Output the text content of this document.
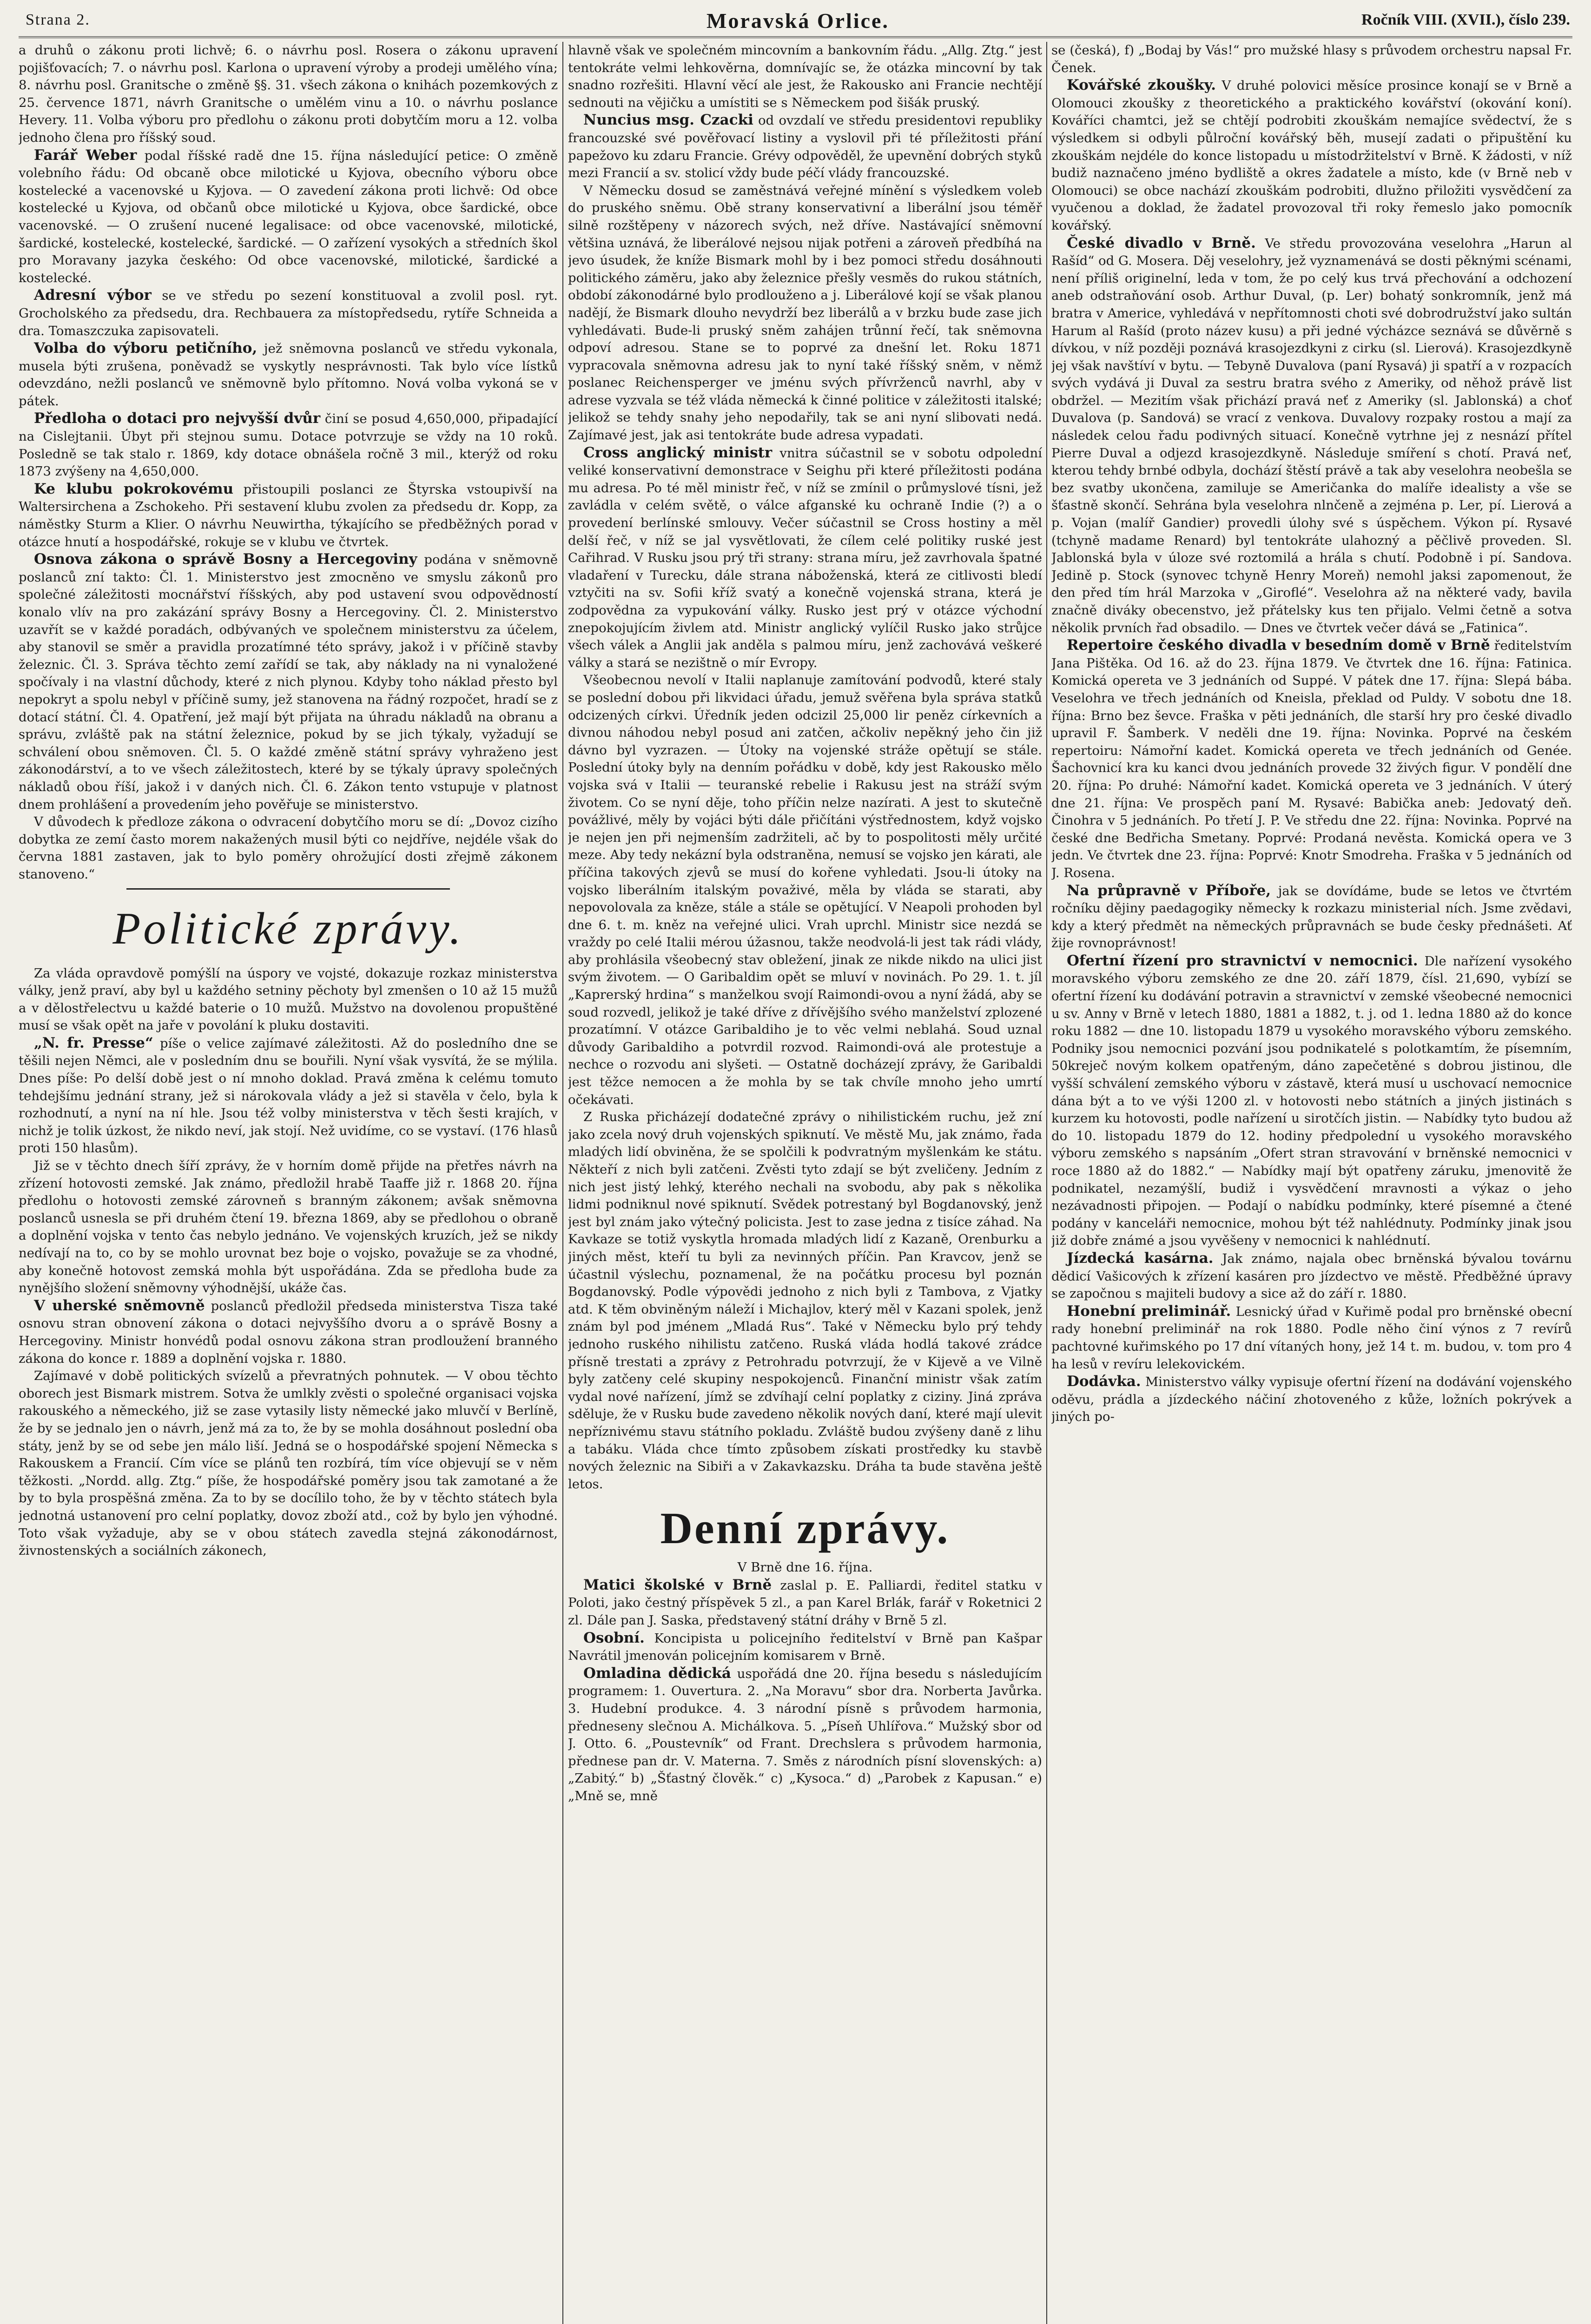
Strana 2.	Moravská Orlice.	Ročník VIII. (XVII.), číslo 239.

a druhů o zákonu proti lichvě; 6. o návrhu posl. Rosera o zákonu upravení pojišťovacích; 7. o návrhu posl. Karlona o upravení výroby a prodeji umělého vína; 8. návrhu posl. Granitsche o změně §§. 31. všech zákona o knihách pozemkových z 25. července 1871, návrh Granitsche o umělém vinu a 10. o návrhu poslance Hevery. 11. Volba výboru pro předlohu o zákonu proti dobytčím moru a 12. volba jednoho člena pro říšský soud.

Farář Weber podal říšské radě dne 15. října následující petice: O změně volebního řádu: Od obcaně obce milotické u Kyjova, obecního výboru obce kostelecké a vacenovské u Kyjova. — O zavedení zákona proti lichvě: Od obce kostelecké u Kyjova, od občanů obce milotické u Kyjova, obce šardické, obce vacenovské. — O zrušení nucené legalisace: od obce vacenovské, milotické, šardické, kostelecké, kostelecké, šardické. — O zařízení vysokých a středních škol pro Moravany jazyka českého: Od obce vacenovské, milotické, šardické a kostelecké.

Adresní výbor se ve středu po sezení konstituoval a zvolil posl. ryt. Grocholského za předsedu, dra. Rechbauera za místopředsedu, rytíře Schneida a dra. Tomaszczuka zapisovateli.

Volba do výboru petičního, jež sněmovna poslanců ve středu vykonala, musela býti zrušena, poněvadž se vyskytly nesprávnosti. Tak bylo více lístků odevzdáno, nežli poslanců ve sněmovně bylo přítomno. Nová volba vykoná se v pátek.

Předloha o dotaci pro nejvyšší dvůr činí se posud 4,650,000, připadající na Cislejtanii. Úbyt při stejnou sumu. Dotace potvrzuje se vždy na 10 roků. Posledně se tak stalo r. 1869, kdy dotace obnášela ročně 3 mil., kterýž od roku 1873 zvýšeny na 4,650,000.

Ke klubu pokrokovému přistoupili poslanci ze Štyrska vstoupivší na Waltersirchena a Zschokeho. Při sestavení klubu zvolen za předsedu dr. Kopp, za náměstky Sturm a Klier. O návrhu Neuwirtha, týkajícího se předběžných porad v otázce hnutí a hospodářské, rokuje se v klubu ve čtvrtek.

Osnova zákona o správě Bosny a Hercegoviny podána v sněmovně poslanců zní takto: Čl. 1. Ministerstvo jest zmocněno ve smyslu zákonů pro společné záležitosti mocnářství říšských, aby pod ustavení svou odpovědností konalo vlív na pro zakázání správy Bosny a Hercegoviny. Čl. 2. Ministerstvo uzavřít se v každé poradách, odbývaných ve společnem ministerstvu za účelem, aby stanovil se směr a pravidla prozatímné této správy, jakož i v příčině stavby železnic. Čl. 3. Správa těchto zemí zařídí se tak, aby náklady na ni vynaložené spočívaly i na vlastní důchody, které z nich plynou. Kdyby toho náklad přesto byl nepokryt a spolu nebyl v příčině sumy, jež stanovena na řádný rozpočet, hradí se z dotací státní. Čl. 4. Opatření, jež mají být přijata na úhradu nákladů na obranu a správu, zvláště pak na státní železnice, pokud by se jich týkaly, vyžadují se schválení obou sněmoven. Čl. 5. O každé změně státní správy vyhraženo jest zákonodárství, a to ve všech záležitostech, které by se týkaly úpravy společných nákladů obou říší, jakož i v daných nich. Čl. 6. Zákon tento vstupuje v platnost dnem prohlášení a provedením jeho pověřuje se ministerstvo.

V důvodech k předloze zákona o odvracení dobytčího moru se dí: „Dovoz cizího dobytka ze zemí často morem nakažených musil býti co nejdříve, nejdéle však do června 1881 zastaven, jak to bylo poměry ohrožující dosti zřejmě zákonem stanoveno.“

Politické zprávy.

Za vláda opravdově pomýšlí na úspory ve vojsté, dokazuje rozkaz ministerstva války, jenž praví, aby byl u každého setniny pěchoty byl zmenšen o 10 až 15 mužů a v dělostřelectvu u každé baterie o 10 mužů. Mužstvo na dovolenou propuštěné musí se však opět na jaře v povolání k pluku dostaviti.

„N. fr. Presse“ píše o velice zajímavé záležitosti. Až do posledního dne se těšili nejen Němci, ale v posledním dnu se bouřili. Nyní však vysvítá, že se mýlila. Dnes píše: Po delší době jest o ní mnoho doklad. Pravá změna k celému tomuto tehdejšímu jednání strany, jež si nárokovala vlády a jež si stavěla v čelo, byla k rozhodnutí, a nyní na ní hle. Jsou též volby ministerstva v těch šesti krajích, v nichž je tolik úzkost, že nikdo neví, jak stojí. Než uvidíme, co se vystaví. (176 hlasů proti 150 hlasům).

Již se v těchto dnech šíří zprávy, že v horním domě přijde na přetřes návrh na zřízení hotovosti zemské. Jak známo, předložil hrabě Taaffe již r. 1868 20. října předlohu o hotovosti zemské zárovneň s branným zákonem; avšak sněmovna poslanců usnesla se při druhém čtení 19. března 1869, aby se předlohou o obraně a doplnění vojska v tento čas nebylo jednáno. Ve vojenských kruzích, jež se nikdy nedívají na to, co by se mohlo urovnat bez boje o vojsko, považuje se za vhodné, aby konečně hotovost zemská mohla být uspořádána. Zda se předloha bude za nynějšího složení sněmovny výhodnější, ukáže čas.

V uherské sněmovně poslanců předložil předseda ministerstva Tisza také osnovu stran obnovení zákona o dotaci nejvyššího dvoru a o správě Bosny a Hercegoviny. Ministr honvédů podal osnovu zákona stran prodloužení branného zákona do konce r. 1889 a doplnění vojska r. 1880.

Zajímavé v době politických svízelů a převratných pohnutek. — V obou těchto oborech jest Bismark mistrem. Sotva že umlkly zvěsti o společné organisaci vojska rakouského a německého, již se zase vytasily listy německé jako mluvčí v Berlíně, že by se jednalo jen o návrh, jenž má za to, že by se mohla dosáhnout poslední oba státy, jenž by se od sebe jen málo liší. Jedná se o hospodářské spojení Německa s Rakouskem a Francií. Cím více se plánů ten rozbírá, tím více objevují se v něm těžkosti. „Nordd. allg. Ztg.“ píše, že hospodářské poměry jsou tak zamotané a že by to byla prospěšná změna. Za to by se docílilo toho, že by v těchto státech byla jednotná ustanovení pro celní poplatky, dovoz zboží atd., což by bylo jen výhodné. Toto však vyžaduje, aby se v obou státech zavedla stejná zákonodárnost, živnostenských a sociálních zákonech,

hlavně však ve společném mincovním a bankovním řádu. „Allg. Ztg.“ jest tentokráte velmi lehkověrna, domnívajíc se, že otázka mincovní by tak snadno rozřešiti. Hlavní věcí ale jest, že Rakousko ani Francie nechtějí sednouti na vějičku a umístiti se s Německem pod šišák pruský.

Nuncius msg. Czacki od ovzdalí ve středu presidentovi republiky francouzské své pověřovací listiny a vyslovil při té příležitosti přání papežovo ku zdaru Francie. Grévy odpověděl, že upevnění dobrých styků mezi Francií a sv. stolicí vždy bude péčí vlády francouzské.

V Německu dosud se zaměstnává veřejné mínění s výsledkem voleb do pruského sněmu. Obě strany konservativní a liberální jsou téměř silně rozštěpeny v názorech svých, než dříve. Nastávající sněmovní většina uznává, že liberálové nejsou nijak potřeni a zároveň předbíhá na jevo úsudek, že kníže Bismark mohl by i bez pomoci středu dosáhnouti politického záměru, jako aby železnice přešly vesměs do rukou státních, období zákonodárné bylo prodlouženo a j. Liberálové kojí se však planou nadějí, že Bismark dlouho nevydrží bez liberálů a v brzku bude zase jich vyhledávati. Bude-li pruský sněm zahájen trůnní řečí, tak sněmovna odpoví adresou. Stane se to poprvé za dnešní let. Roku 1871 vypracovala sněmovna adresu jak to nyní také říšský sněm, v němž poslanec Reichensperger ve jménu svých přívrženců navrhl, aby v adrese vyzvala se též vláda německá k činné politice v záležitosti italské; jelikož se tehdy snahy jeho nepodařily, tak se ani nyní slibovati nedá. Zajímavé jest, jak asi tentokráte bude adresa vypadati.

Cross anglický ministr vnitra súčastnil se v sobotu odpolední veliké konservativní demonstrace v Seighu při které příležitosti podána mu adresa. Po té měl ministr řeč, v níž se zmínil o průmyslové tísni, jež zavládla v celém světě, o válce afganské ku ochraně Indie (?) a o provedení berlínské smlouvy. Večer súčastnil se Cross hostiny a měl delší řeč, v níž se jal vysvětlovati, že cílem celé politiky ruské jest Cařihrad. V Rusku jsou prý tři strany: strana míru, jež zavrhovala špatné vladaření v Turecku, dále strana náboženská, která ze citlivosti bledí vztyčiti na sv. Sofii kříž svatý a konečně vojenská strana, která je zodpovědna za vypukování války. Rusko jest prý v otázce východní znepokojujícím živlem atd. Ministr anglický vylíčil Rusko jako strůjce všech válek a Anglii jak anděla s palmou míru, jenž zachovává veškeré války a stará se nezištně o mír Evropy.

Všeobecnou nevolí v Italii naplanuje zamítování podvodů, které staly se poslední dobou při likvidaci úřadu, jemuž svěřena byla správa statků odcizených církvi. Úředník jeden odcizil 25,000 lir peněz církevních a divnou náhodou nebyl posud ani zatčen, ačkoliv nepěkný jeho čin již dávno byl vyzrazen. — Útoky na vojenské stráže opětují se stále. Poslední útoky byly na denním pořádku v době, kdy jest Rakousko mělo vojska svá v Italii — teuranské rebelie i Rakusu jest na stráží svým životem. Co se nyní děje, toho příčin nelze nazírati. A jest to skutečně povážlivé, měly by vojáci býti dále přičítáni výstřednostem, když vojsko je nejen jen při nejmenším zadržiteli, ač by to pospolitosti měly určité meze. Aby tedy nekázní byla odstraněna, nemusí se vojsko jen kárati, ale příčina takových zjevů se musí do kořene vyhledati. Jsou-li útoky na vojsko liberálním italským považivé, měla by vláda se starati, aby nepovolovala za kněze, stále a stále se opětující. V Neapoli prohoden byl dne 6. t. m. kněz na veřejné ulici. Vrah uprchl. Ministr sice nezdá se vraždy po celé Italii mérou úžasnou, takže neodvolá-li jest tak rádi vlády, aby prohlásila všeobecný stav obležení, jinak ze nikde nikdo na ulici jist svým životem. — O Garibaldim opět se mluví v novinách. Po 29. 1. t. jíl „Kaprerský hrdina“ s manželkou svojí Raimondi-ovou a nyní žádá, aby se soud rozvedl, jelikož je také dříve z dřívějšího svého manželství zplozené prozatímní. V otázce Garibaldiho je to věc velmi neblahá. Soud uznal důvody Garibaldiho a potvrdil rozvod. Raimondi-ová ale protestuje a nechce o rozvodu ani slyšeti. — Ostatně docházejí zprávy, že Garibaldi jest těžce nemocen a že mohla by se tak chvíle mnoho jeho umrtí očekávati.

Z Ruska přicházejí dodatečné zprávy o nihilistickém ruchu, jež zní jako zcela nový druh vojenských spiknutí. Ve městě Mu, jak známo, řada mladých lidí obviněna, že se spolčili k podvratným myšlenkám ke státu. Někteří z nich byli zatčeni. Zvěsti tyto zdají se být zveličeny. Jedním z nich jest jistý lehký, kterého nechali na svobodu, aby pak s několika lidmi podniknul nové spiknutí. Svědek potrestaný byl Bogdanovský, jenž jest byl znám jako výtečný policista. Jest to zase jedna z tisíce záhad. Na Kavkaze se totiž vyskytla hromada mladých lidí z Kazaně, Orenburku a jiných měst, kteří tu byli za nevinných příčin. Pan Kravcov, jenž se účastnil výslechu, poznamenal, že na počátku procesu byl poznán Bogdanovský. Podle výpovědi jednoho z nich byli z Tambova, z Vjatky atd. K těm obviněným náleží i Michajlov, který měl v Kazani spolek, jenž znám byl pod jménem „Mladá Rus“. Také v Německu bylo prý tehdy jednoho ruského nihilistu zatčeno. Ruská vláda hodlá takové zrádce přísně trestati a zprávy z Petrohradu potvrzují, že v Kijevě a ve Vilně byly zatčeny celé skupiny nespokojenců. Finanční ministr však zatím vydal nové nařízení, jímž se zdvíhají celní poplatky z ciziny. Jiná zpráva sděluje, že v Rusku bude zavedeno několik nových daní, které mají ulevit nepříznivému stavu státního pokladu. Zvláště budou zvýšeny daně z lihu a tabáku. Vláda chce tímto způsobem získati prostředky ku stavbě nových železnic na Sibiři a v Zakavkazsku. Dráha ta bude stavěna ještě letos.

Denní zprávy.

V Brně dne 16. října.

Matici školské v Brně zaslal p. E. Palliardi, ředitel statku v Poloti, jako čestný příspěvek 5 zl., a pan Karel Brlák, farář v Roketnici 2 zl. Dále pan J. Saska, představený státní dráhy v Brně 5 zl.

Osobní. Koncipista u policejního ředitelství v Brně pan Kašpar Navrátil jmenován policejním komisarem v Brně.

Omladina dědická uspořádá dne 20. října besedu s následujícím programem: 1. Ouvertura. 2. „Na Moravu“ sbor dra. Norberta Javůrka. 3. Hudební produkce. 4. 3 národní písně s průvodem harmonia, předneseny slečnou A. Michálkova. 5. „Píseň Uhlířova.“ Mužský sbor od J. Otto. 6. „Poustevník“ od Frant. Drechslera s průvodem harmonia, přednese pan dr. V. Materna. 7. Směs z národních písní slovenských: a) „Zabitý.“ b) „Šťastný člověk.“ c) „Kysoca.“ d) „Parobek z Kapusan.“ e) „Mně se, mně

se (česká), f) „Bodaj by Vás!“ pro mužské hlasy s průvodem orchestru napsal Fr. Čenek.

Kovářské zkoušky. V druhé polovici měsíce prosince konají se v Brně a Olomouci zkoušky z theoretického a praktického kovářství (okování koní). Kováříci chamtci, jež se chtějí podrobiti zkouškám nemajíce svědectví, že s výsledkem si odbyli půlroční kovářský běh, musejí zadati o připuštění ku zkouškám nejdéle do konce listopadu u místodržitelství v Brně. K žádosti, v níž budiž naznačeno jméno bydliště a okres žadatele a místo, kde (v Brně neb v Olomouci) se obce nachází zkouškám podrobiti, dlužno přiložiti vysvědčení za vyučenou a doklad, že žadatel provozoval tři roky řemeslo jako pomocník kovářský.

České divadlo v Brně. Ve středu provozována veselohra „Harun al Rašíd“ od G. Mosera. Děj veselohry, jež vyznamenává se dosti pěknými scénami, není příliš originelní, leda v tom, že po celý kus trvá přechování a odchození aneb odstraňování osob. Arthur Duval, (p. Ler) bohatý sonkromník, jenž má bratra v Americe, vyhledává v nepřítomnosti choti své dobrodružství jako sultán Harum al Rašíd (proto název kusu) a při jedné výcházce seznává se důvěrně s dívkou, v níž později poznává krasojezdkyni z cirku (sl. Lierová). Krasojezdkyně jej však navštíví v bytu. — Tebyně Duvalova (paní Rysavá) ji spatří a v rozpacích svých vydává ji Duval za sestru bratra svého z Ameriky, od něhož právě list obdržel. — Mezitím však přichází pravá neť z Ameriky (sl. Jablonská) a choť Duvalova (p. Sandová) se vrací z venkova. Duvalovy rozpaky rostou a mají za následek celou řadu podivných situací. Konečně vytrhne jej z nesnází přítel Pierre Duval a odjezd krasojezdkyně. Následuje smíření s chotí. Pravá neť, kterou tehdy brnbé odbyla, dochází štěstí právě a tak aby veselohra neobešla se bez svatby ukončena, zamiluje se Američanka do malíře idealisty a vše se šťastně skončí. Sehrána byla veselohra nlnčeně a zejména p. Ler, pí. Lierová a p. Vojan (malíř Gandier) provedli úlohy své s úspěchem. Výkon pí. Rysavé (tchyně madame Renard) byl tentokráte ulahozný a pěčlivě proveden. Sl. Jablonská byla v úloze své roztomilá a hrála s chutí. Podobně i pí. Sandova. Jedině p. Stock (synovec tchyně Henry Moreň) nemohl jaksi zapomenout, že den před tím hrál Marzoka v „Giroflé“. Veselohra až na některé vady, bavila značně diváky obecenstvo, jež přátelsky kus ten přijalo. Velmi četně a sotva několik prvních řad obsadilo. — Dnes ve čtvrtek večer dává se „Fatinica“.

Repertoire českého divadla v besedním domě v Brně ředitelstvím Jana Pištěka. Od 16. až do 23. října 1879. Ve čtvrtek dne 16. října: Fatinica. Komická opereta ve 3 jednáních od Suppé. V pátek dne 17. října: Slepá bába. Veselohra ve třech jednáních od Kneisla, překlad od Puldy. V sobotu dne 18. října: Brno bez ševce. Fraška v pěti jednáních, dle starší hry pro české divadlo upravil F. Šamberk. V neděli dne 19. října: Novinka. Poprvé na českém repertoiru: Námořní kadet. Komická opereta ve třech jednáních od Genée. Šachovnicí kra ku kanci dvou jednáních provede 32 živých figur. V pondělí dne 20. října: Po druhé: Námořní kadet. Komická opereta ve 3 jednáních. V úterý dne 21. října: Ve prospěch paní M. Rysavé: Babička aneb: Jedovatý deň. Činohra v 5 jednáních. Po třetí J. P. Ve středu dne 22. října: Novinka. Poprvé na české dne Bedřicha Smetany. Poprvé: Prodaná nevěsta. Komická opera ve 3 jedn. Ve čtvrtek dne 23. října: Poprvé: Knotr Smodreha. Fraška v 5 jednáních od J. Rosena.

Na průpravně v Příboře, jak se dovídáme, bude se letos ve čtvrtém ročníku dějiny paedagogiky německy k rozkazu ministerial ních. Jsme zvědavi, kdy a který předmět na německých průpravnách se bude česky přednášeti. Ať žije rovnoprávnost!

Ofertní řízení pro stravnictví v nemocnici. Dle nařízení vysokého moravského výboru zemského ze dne 20. září 1879, čísl. 21,690, vybízí se ofertní řízení ku dodávání potravin a stravnictví v zemské všeobecné nemocnici u sv. Anny v Brně v letech 1880, 1881 a 1882, t. j. od 1. ledna 1880 až do konce roku 1882 — dne 10. listopadu 1879 u vysokého moravského výboru zemského. Podniky jsou nemocnici pozvání jsou podnikatelé s polotkamtím, že písemním, 50kreječ novým kolkem opatřeným, dáno zapečetěné s dobrou jistinou, dle vyšší schválení zemského výboru v zástavě, která musí u uschovací nemocnice dána být a to ve výši 1200 zl. v hotovosti nebo státních a jiných jistinách s kurzem ku hotovosti, podle nařízení u sirotčích jistin. — Nabídky tyto budou až do 10. listopadu 1879 do 12. hodiny předpolední u vysokého moravského výboru zemského s napsáním „Ofert stran stravování v brněnské nemocnici v roce 1880 až do 1882.“ — Nabídky mají být opatřeny záruku, jmenovitě že podnikatel, nezamýšlí, budiž i vysvědčení mravnosti a výkaz o jeho nezávadnosti připojen. — Podají o nabídku podmínky, které písemné a čtené podány v kanceláři nemocnice, mohou být též nahlédnuty. Podmínky jinak jsou již dobře známé a jsou vyvěšeny v nemocnici k nahlédnutí.

Jízdecká kasárna. Jak známo, najala obec brněnská bývalou továrnu dědicí Vašicových k zřízení kasáren pro jízdectvo ve městě. Předběžné úpravy se započnou s majiteli budovy a sice až do září r. 1880.

Honební preliminář. Lesnický úřad v Kuřimě podal pro brněnské obecní rady honební preliminář na rok 1880. Podle něho činí výnos z 7 revírů pachtovné kuřimského po 17 dní vítaných hony, jež 14 t. m. budou, v. tom pro 4 ha lesů v revíru lelekovickém.

Dodávka. Ministerstvo války vypisuje ofertní řízení na dodávání vojenského oděvu, prádla a jízdeckého náčiní zhotoveného z kůže, ložních pokrývek a jiných po-
